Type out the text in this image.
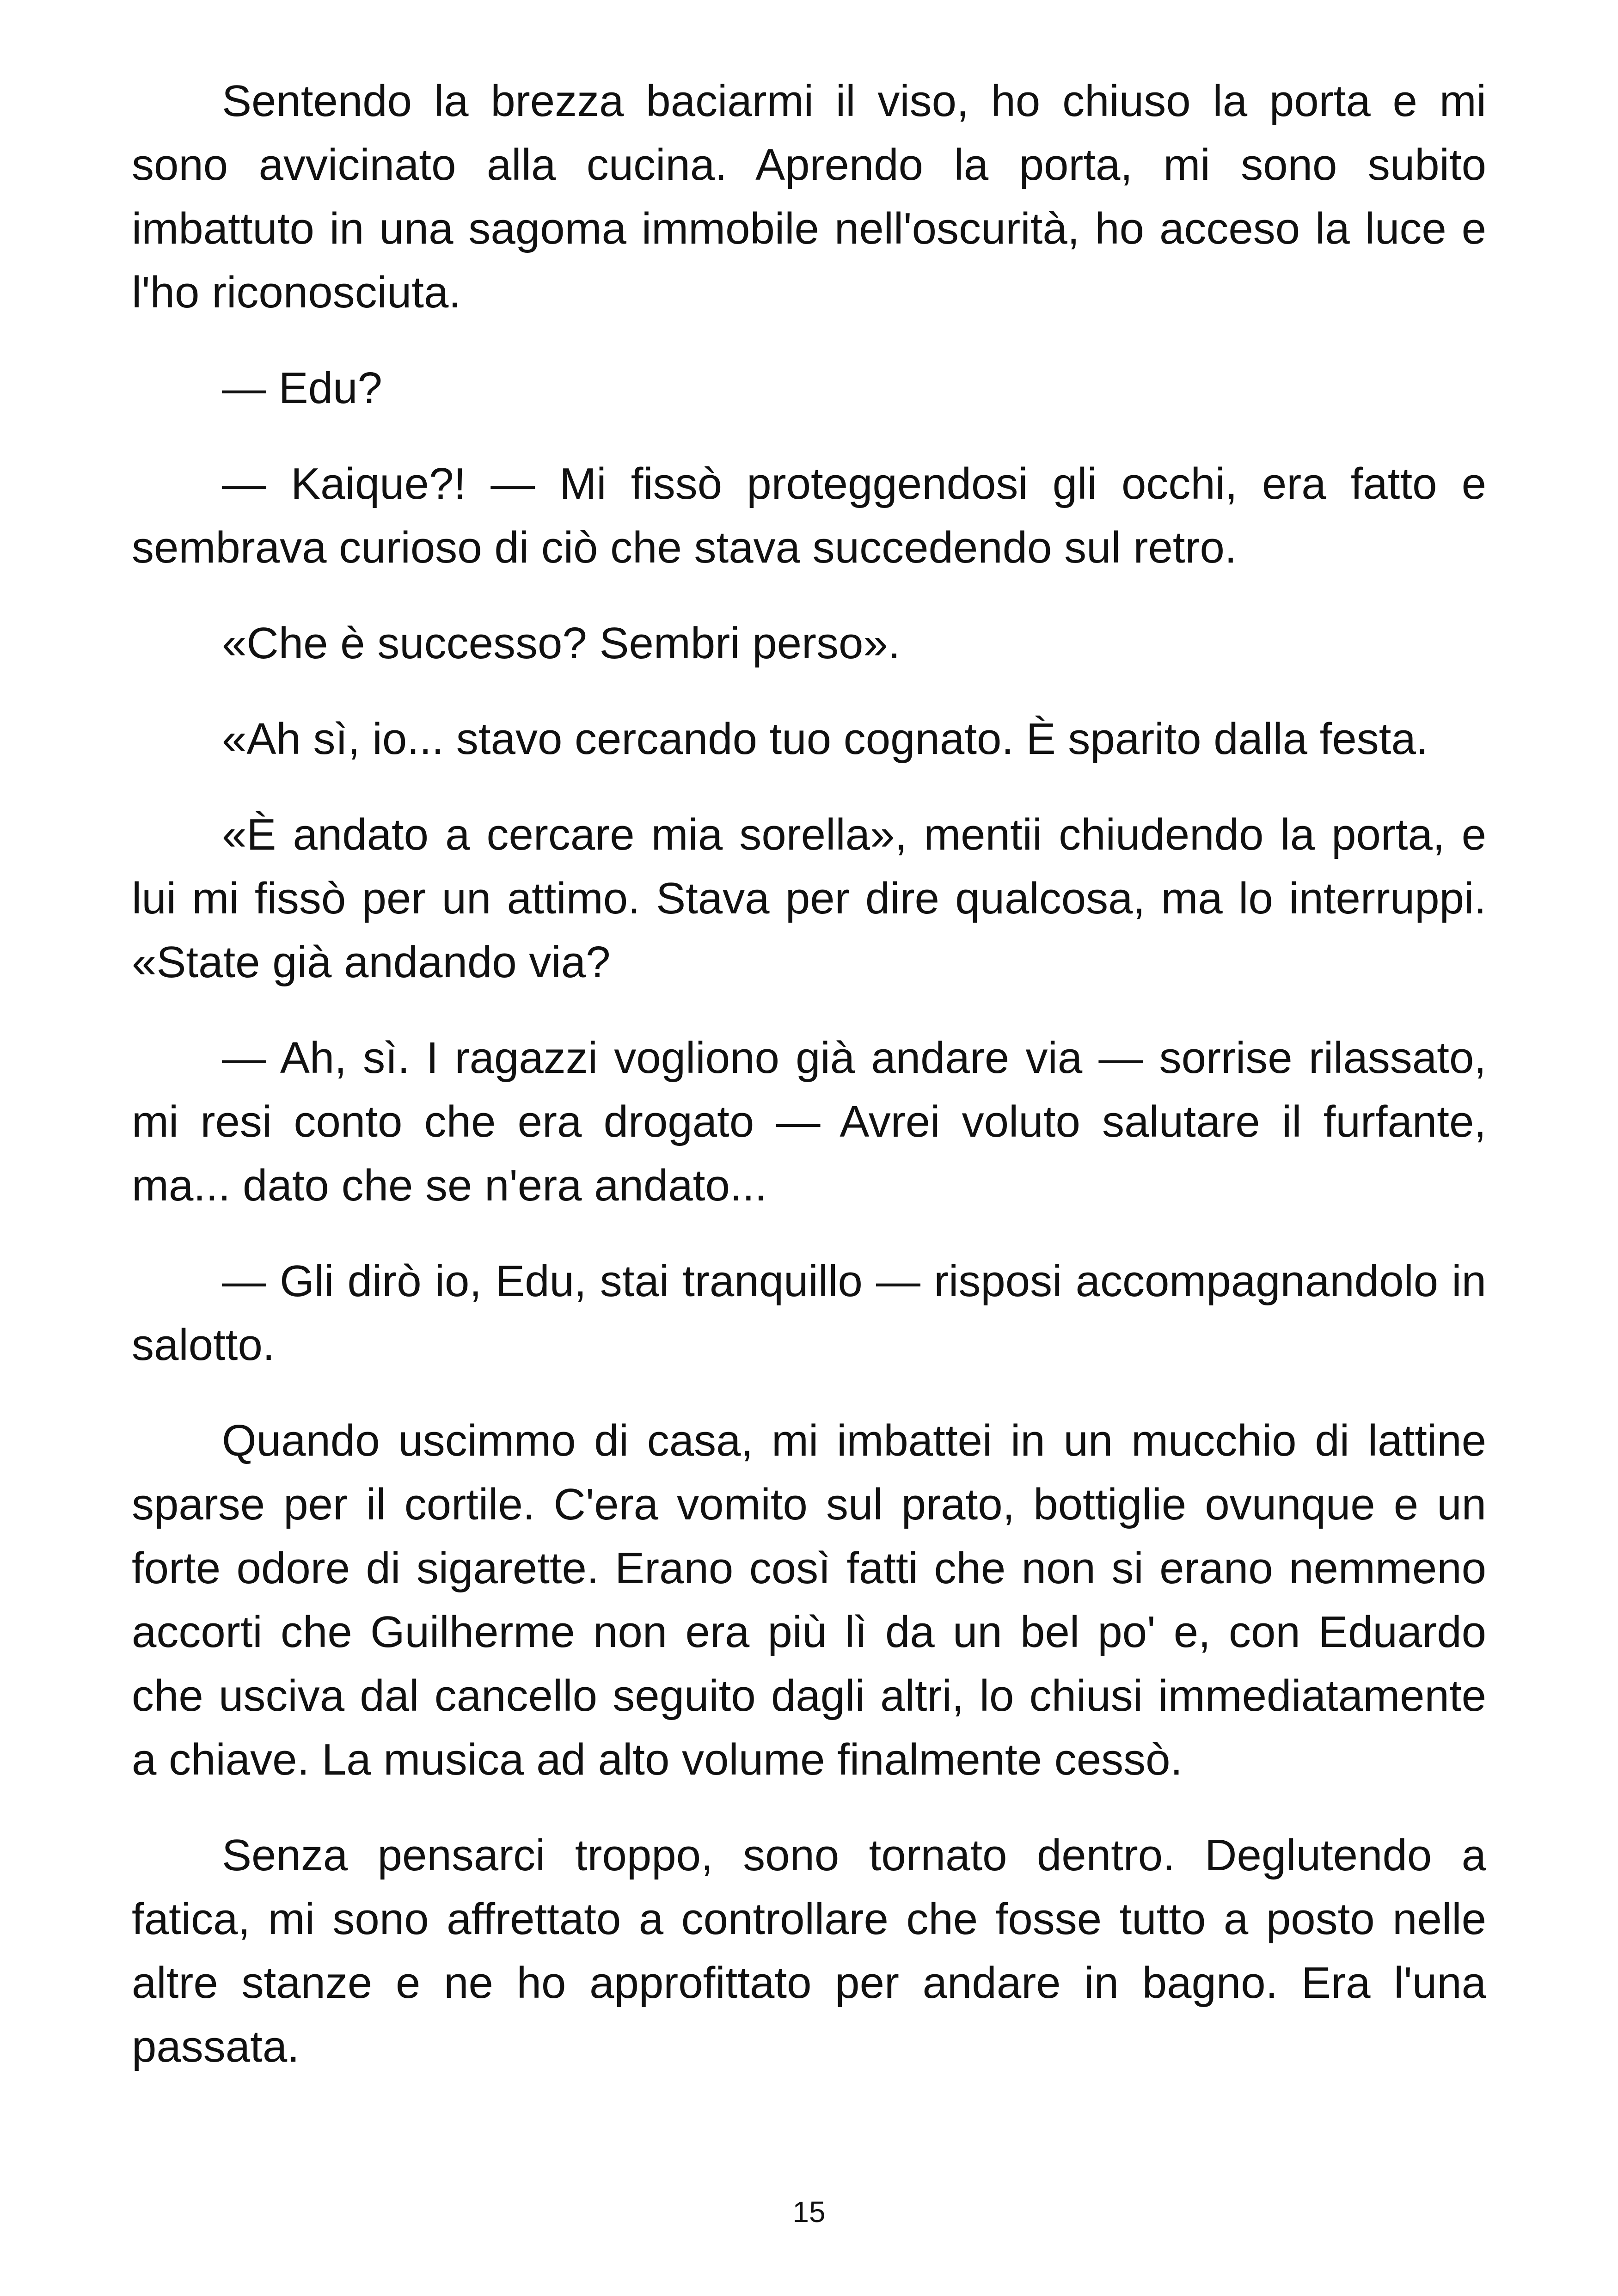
Sentendo la brezza baciarmi il viso, ho chiuso la porta e mi sono avvicinato alla cucina. Aprendo la porta, mi sono subito imbattuto in una sagoma immobile nell'oscurità, ho acceso la luce e l'ho riconosciuta.

— Edu?

— Kaique?! — Mi fissò proteggendosi gli occhi, era fatto e sembrava curioso di ciò che stava succedendo sul retro.

«Che è successo? Sembri perso».

«Ah sì, io... stavo cercando tuo cognato. È sparito dalla festa.

«È andato a cercare mia sorella», mentii chiudendo la porta, e lui mi fissò per un attimo. Stava per dire qualcosa, ma lo interruppi. «State già andando via?

— Ah, sì. I ragazzi vogliono già andare via — sorrise rilassato, mi resi conto che era drogato — Avrei voluto salutare il furfante, ma... dato che se n'era andato...

— Gli dirò io, Edu, stai tranquillo — risposi accompagnandolo in salotto.

Quando uscimmo di casa, mi imbattei in un mucchio di lattine sparse per il cortile. C'era vomito sul prato, bottiglie ovunque e un forte odore di sigarette. Erano così fatti che non si erano nemmeno accorti che Guilherme non era più lì da un bel po' e, con Eduardo che usciva dal cancello seguito dagli altri, lo chiusi immediatamente a chiave. La musica ad alto volume finalmente cessò.

Senza pensarci troppo, sono tornato dentro. Deglutendo a fatica, mi sono affrettato a controllare che fosse tutto a posto nelle altre stanze e ne ho approfittato per andare in bagno. Era l'una passata.

15
